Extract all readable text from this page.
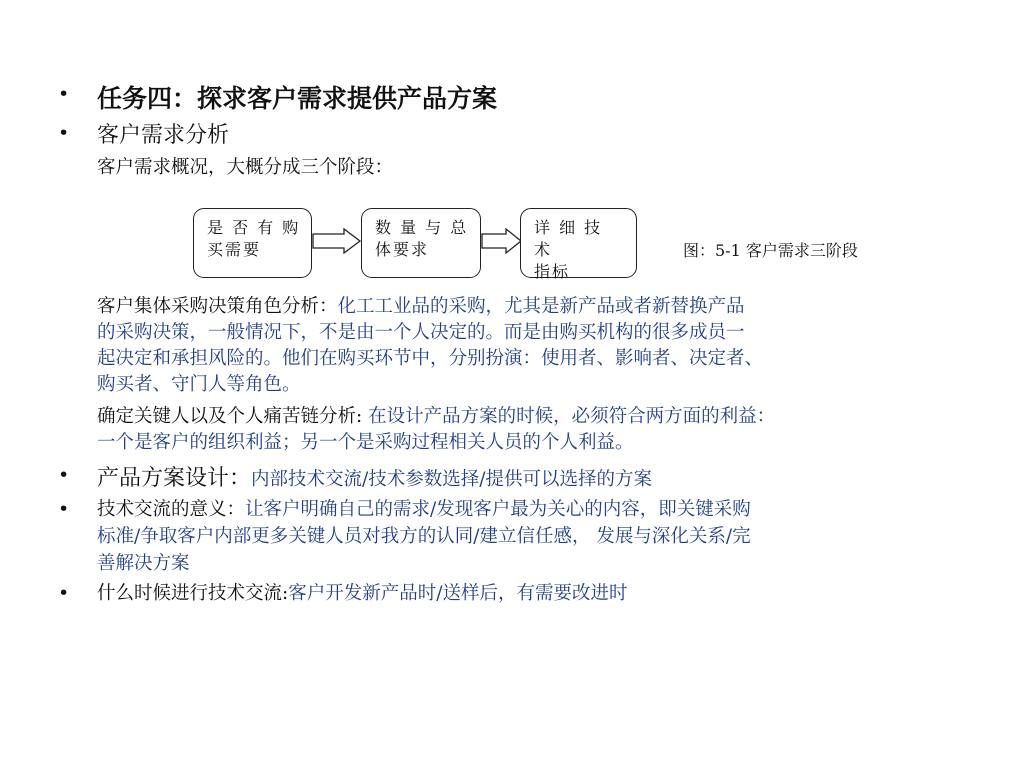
• 任务四：探求客户需求提供产品方案
• 客户需求分析
客户需求概况，大概分成三个阶段：
是 否 有 购
买需要
数 量 与 总
体要求
详 细 技 术
指标
图：5-1 客户需求三阶段
客户集体采购决策角色分析：化工工业品的采购，尤其是新产品或者新替换产品
的采购决策，一般情况下，不是由一个人决定的。而是由购买机构的很多成员一
起决定和承担风险的。他们在购买环节中，分别扮演：使用者、影响者、决定者、
购买者、守门人等角色。
确定关键人以及个人痛苦链分析: 在设计产品方案的时候，必须符合两方面的利益：
一个是客户的组织利益；另一个是采购过程相关人员的个人利益。
• 产品方案设计：内部技术交流/技术参数选择/提供可以选择的方案
• 技术交流的意义：让客户明确自己的需求/发现客户最为关心的内容，即关键采购
标准/争取客户内部更多关键人员对我方的认同/建立信任感， 发展与深化关系/完
善解决方案
• 什么时候进行技术交流:客户开发新产品时/送样后，有需要改进时
